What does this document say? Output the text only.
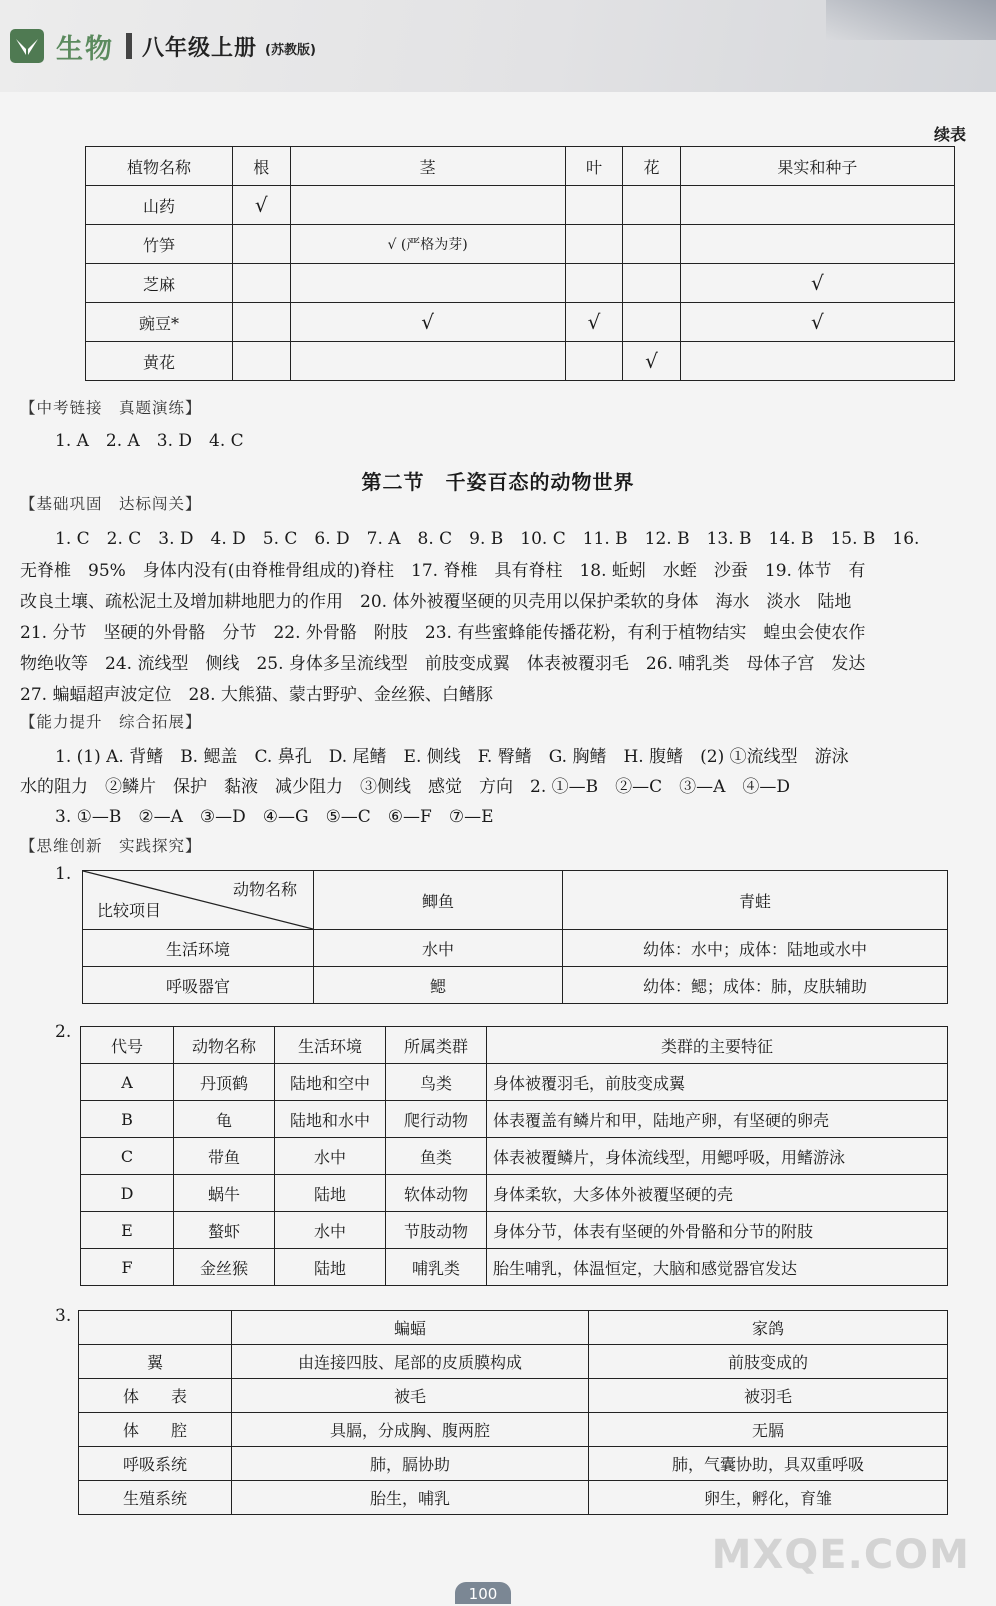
生物 八年级上册 (苏教版)
续表
植物名称	根	茎	叶	花	果实和种子
山药	√				
竹笋		√ (严格为芽)			
芝麻					√
豌豆*		√	√		√
黄花				√	
【中考链接　真题演练】
1. A　2. A　3. D　4. C
第二节　千姿百态的动物世界
【基础巩固　达标闯关】
1. C　2. C　3. D　4. D　5. C　6. D　7. A　8. C　9. B　10. C　11. B　12. B　13. B　14. B　15. B　16.
无脊椎　95%　身体内没有(由脊椎骨组成的)脊柱　17. 脊椎　具有脊柱　18. 蚯蚓　水蛭　沙蚕　19. 体节　有
改良土壤、疏松泥土及增加耕地肥力的作用　20. 体外被覆坚硬的贝壳用以保护柔软的身体　海水　淡水　陆地
21. 分节　坚硬的外骨骼　分节　22. 外骨骼　附肢　23. 有些蜜蜂能传播花粉，有利于植物结实　蝗虫会使农作
物绝收等　24. 流线型　侧线　25. 身体多呈流线型　前肢变成翼　体表被覆羽毛　26. 哺乳类　母体子宫　发达
27. 蝙蝠超声波定位　28. 大熊猫、蒙古野驴、金丝猴、白鳍豚
【能力提升　综合拓展】
1. (1) A. 背鳍　B. 鳃盖　C. 鼻孔　D. 尾鳍　E. 侧线　F. 臀鳍　G. 胸鳍　H. 腹鳍　(2) ①流线型　游泳
水的阻力　②鳞片　保护　黏液　减少阻力　③侧线　感觉　方向　2. ①—B　②—C　③—A　④—D
3. ①—B　②—A　③—D　④—G　⑤—C　⑥—F　⑦—E
【思维创新　实践探究】
1.
动物名称
比较项目	鲫鱼	青蛙
生活环境	水中	幼体：水中；成体：陆地或水中
呼吸器官	鳃	幼体：鳃；成体：肺，皮肤辅助
2.
代号	动物名称	生活环境	所属类群	类群的主要特征
A	丹顶鹤	陆地和空中	鸟类	身体被覆羽毛，前肢变成翼
B	龟	陆地和水中	爬行动物	体表覆盖有鳞片和甲，陆地产卵，有坚硬的卵壳
C	带鱼	水中	鱼类	体表被覆鳞片，身体流线型，用鳃呼吸，用鳍游泳
D	蜗牛	陆地	软体动物	身体柔软，大多体外被覆坚硬的壳
E	螯虾	水中	节肢动物	身体分节，体表有坚硬的外骨骼和分节的附肢
F	金丝猴	陆地	哺乳类	胎生哺乳，体温恒定，大脑和感觉器官发达
3.
	蝙蝠	家鸽
翼	由连接四肢、尾部的皮质膜构成	前肢变成的
体　　表	被毛	被羽毛
体　　腔	具膈，分成胸、腹两腔	无膈
呼吸系统	肺，膈协助	肺，气囊协助，具双重呼吸
生殖系统	胎生，哺乳	卵生，孵化，育雏
MXQE.COM
100
